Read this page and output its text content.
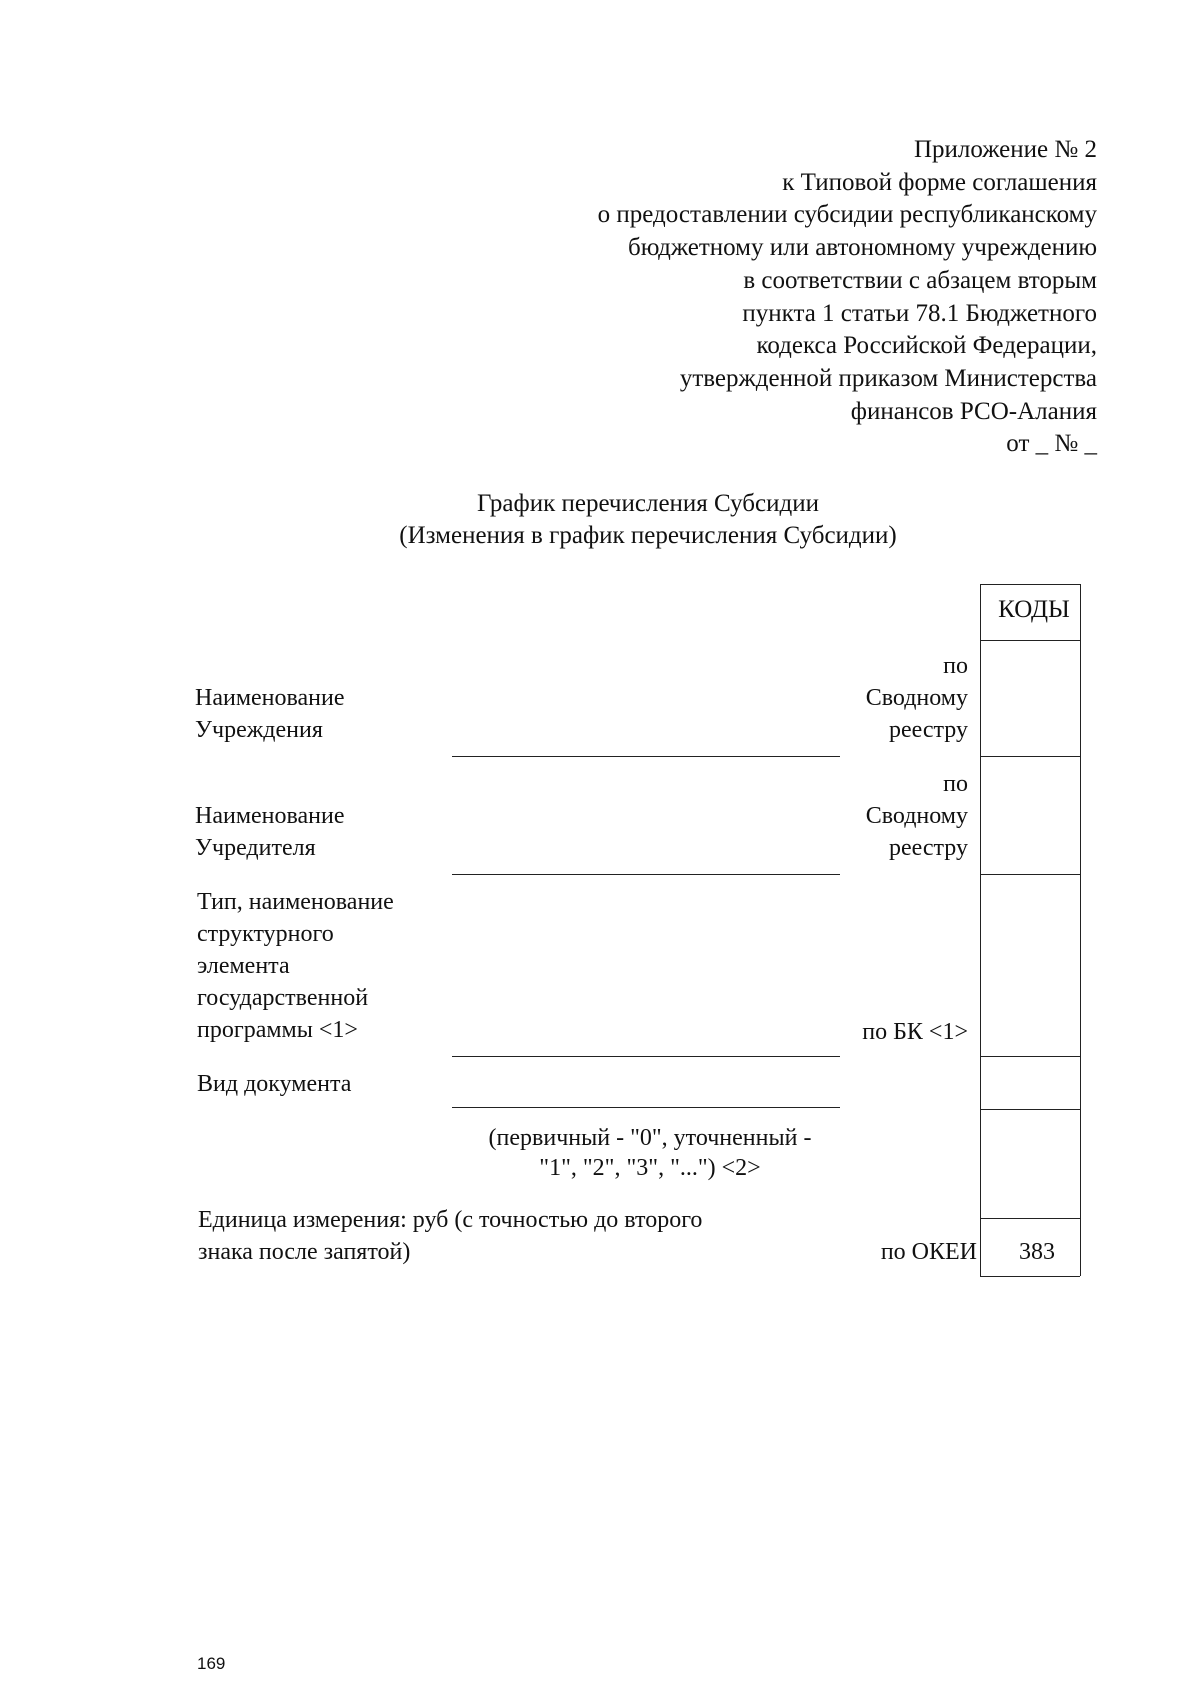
Приложение № 2
к Типовой форме соглашения
о предоставлении субсидии республиканскому
бюджетному или автономному учреждению
в соответствии с абзацем вторым
пункта 1 статьи 78.1 Бюджетного
кодекса Российской Федерации,
утвержденной приказом Министерства
финансов РСО-Алания
от _ № _
График перечисления Субсидии
(Изменения в график перечисления Субсидии)
КОДЫ
383
Наименование
Учреждения
по
Сводному
реестру
Наименование
Учредителя
по
Сводному
реестру
Тип, наименование
структурного
элемента
государственной
программы <1>	по БК <1>
Вид документа
(первичный - "0", уточненный -
"1", "2", "3", "...") <2>
Единица измерения: руб (с точностью до второго
знака после запятой)	по ОКЕИ
169
